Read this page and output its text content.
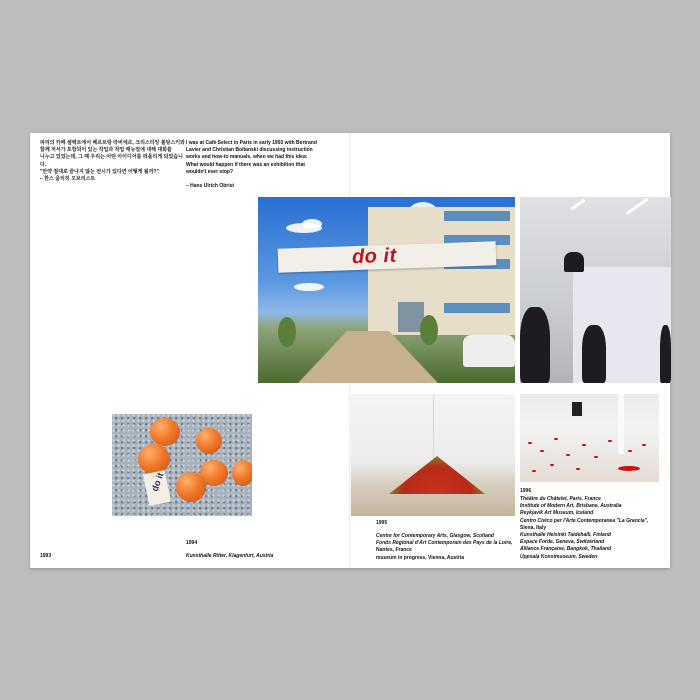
파리의 카페 셀렉트에서 베르트랑 라비에르, 크리스티앙 볼탕스키와
함께 저서가 포함되어 있는 작업과 작업 매뉴얼에 대해 대화를
나누고 있었는데, 그 때 우리는 어떤 아이디어를 떠올리게 되었습니다.
"만약 절대로 끝나지 않는 전시가 있다면 어떻게 될까?"
– 한스 울리히 오브리스트
I was at Café Select in Paris in early 1993 with Bertrand
Lavier and Christian Boltanski discussing instruction
works and how-to manuals, when we had this idea:
What would happen if there was an exhibition that
wouldn't ever stop?
– Hans Ulrich Obrist
do it
do it
1993
1994
Kunsthalle Ritter, Klagenfurt, Austria
1995
Centre for Contemporary Arts, Glasgow, Scotland
Fonds Régional d'Art Contemporain des Pays de la Loire,
Nantes, France
museum in progress, Vienna, Austria
1996
Théâtre du Châtelet, Paris, France
Institute of Modern Art, Brisbane, Australia
Reykjavik Art Museum, Iceland
Centro Civico per l'Arte Contemporanea "La Grancia",
Siena, Italy
Kunsthalle Helsinki Taidehalli, Finland
Espace Forde, Geneva, Switzerland
Alliance Française, Bangkok, Thailand
Uppsala Konstmuseum, Sweden
